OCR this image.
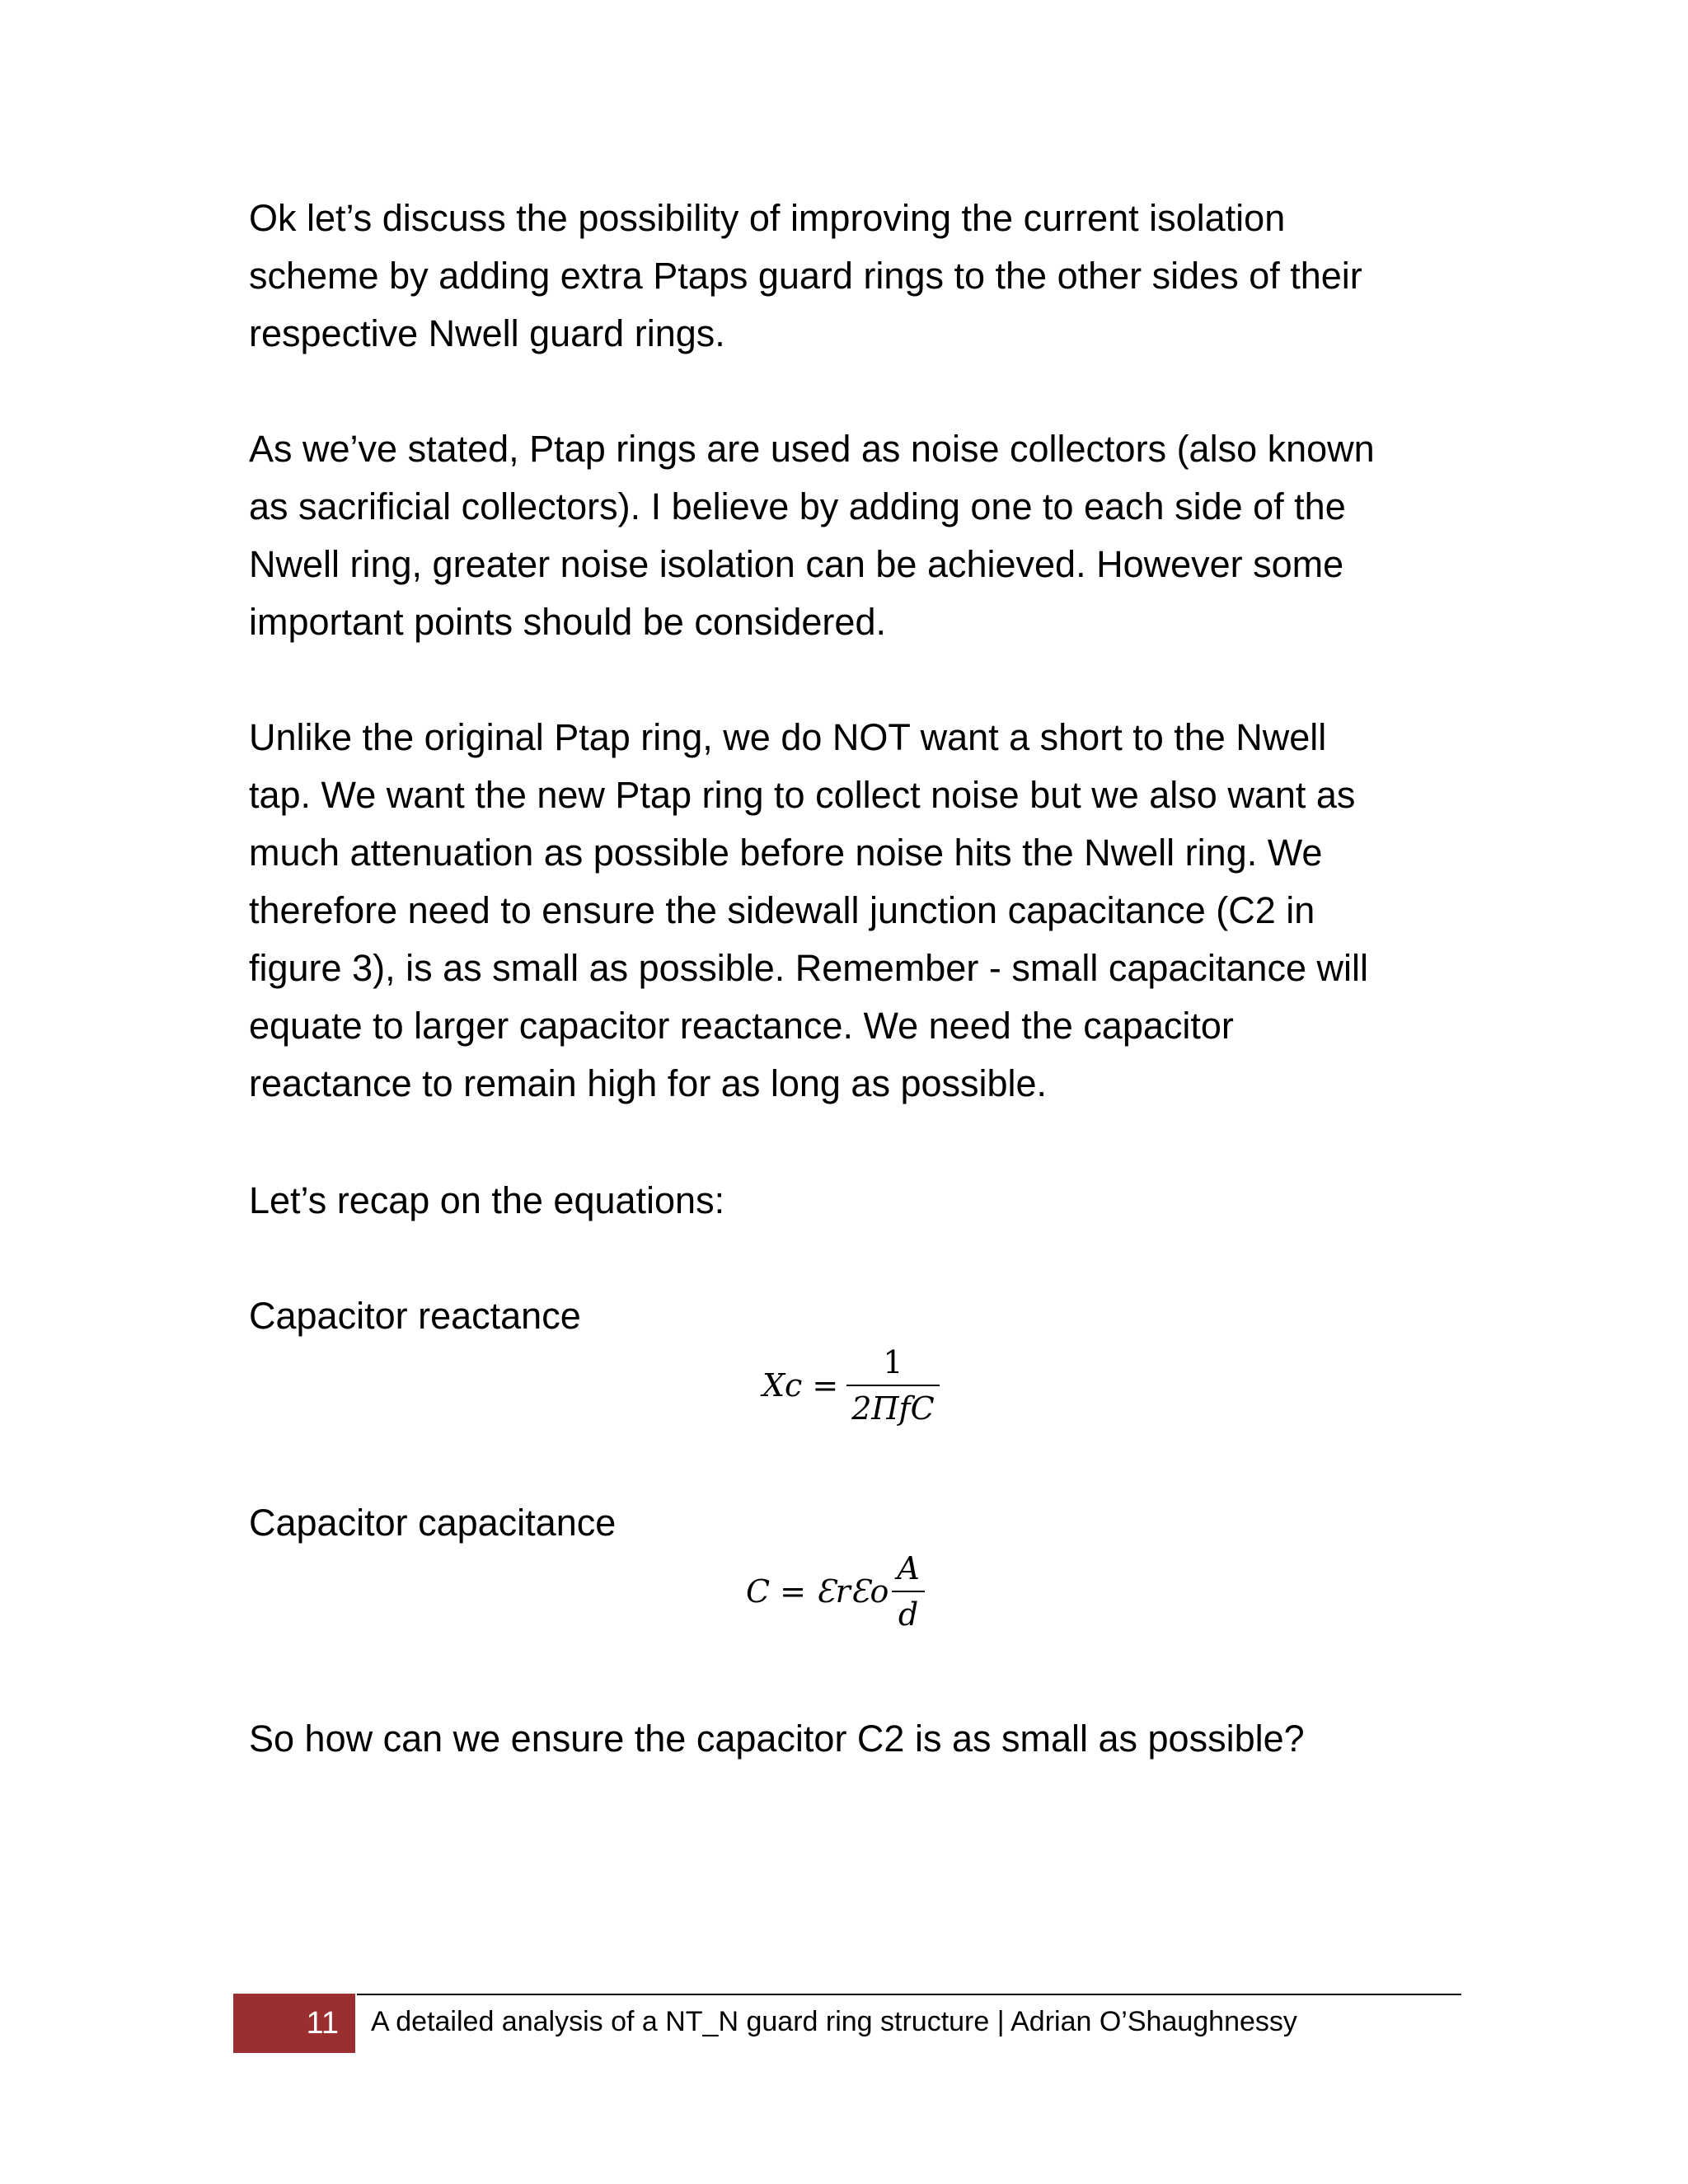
Ok let’s discuss the possibility of improving the current isolation
scheme by adding extra Ptaps guard rings to the other sides of their
respective Nwell guard rings.

As we’ve stated, Ptap rings are used as noise collectors (also known
as sacrificial collectors). I believe by adding one to each side of the
Nwell ring, greater noise isolation can be achieved. However some
important points should be considered.

Unlike the original Ptap ring, we do NOT want a short to the Nwell
tap. We want the new Ptap ring to collect noise but we also want as
much attenuation as possible before noise hits the Nwell ring. We
therefore need to ensure the sidewall junction capacitance (C2 in
figure 3), is as small as possible. Remember - small capacitance will
equate to larger capacitor reactance. We need the capacitor
reactance to remain high for as long as possible.

Let’s recap on the equations:

Capacitor reactance

$Xc = \frac{1}{\text{2ΠfC}}$

Capacitor capacitance

C = ƐrƐo $\frac{A}{d}$

So how can we ensure the capacitor C2 is as small as possible?

11 A detailed analysis of a NT_N guard ring structure | Adrian O’Shaughnessy
